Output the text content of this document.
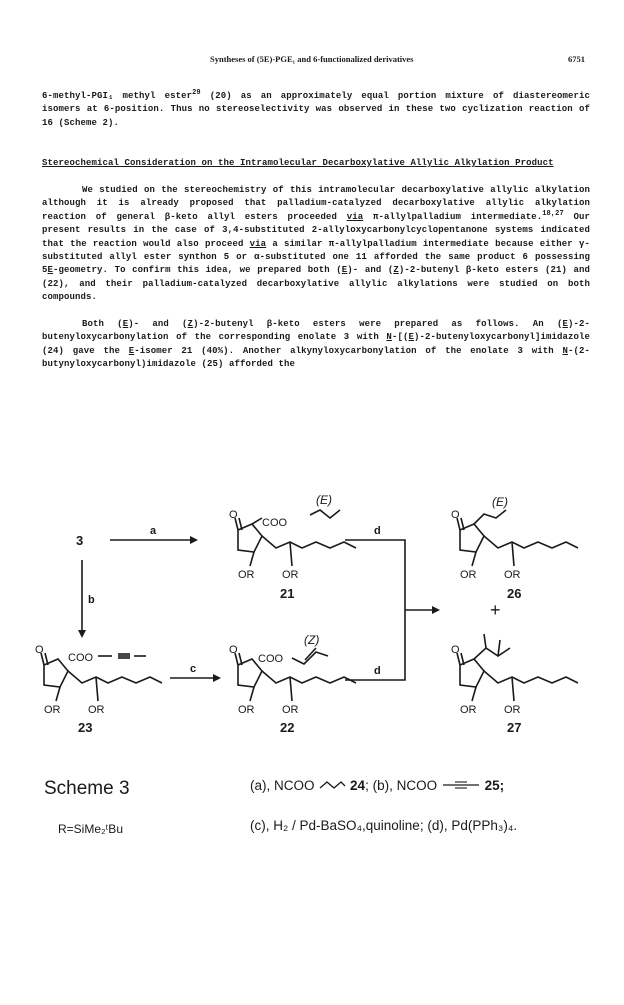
Syntheses of (5E)-PGE₁ and 6-functionalized derivatives	6751

6-methyl-PGI₁ methyl ester$^{29}$ (20) as an approximately equal portion mixture of diastereomeric isomers at 6-position. Thus no stereoselectivity was observed in these two cyclization reaction of 16 (Scheme 2).

Stereochemical Consideration on the Intramolecular Decarboxylative Allylic Alkylation Product

We studied on the stereochemistry of this intramolecular decarboxylative allylic alkylation although it is already proposed that palladium-catalyzed decarboxylative allylic alkylation reaction of general β-keto allyl esters proceeded via π-allylpalladium intermediate.$^{18,27}$ Our present results in the case of 3,4-substituted 2-allyloxycarbonylcyclopentanone systems indicated that the reaction would also proceed via a similar π-allylpalladium intermediate because either γ-substituted allyl ester synthon 5 or α-substituted one 11 afforded the same product 6 possessing 5E-geometry. To confirm this idea, we prepared both (E)- and (Z)-2-butenyl β-keto esters (21) and (22), and their palladium-catalyzed decarboxylative allylic alkylations were studied on both compounds.

Both (E)- and (Z)-2-butenyl β-keto esters were prepared as follows. An (E)-2-butenyloxycarbonylation of the corresponding enolate 3 with N-[(E)-2-butenyloxycarbonyl]imidazole (24) gave the E-isomer 21 (40%). Another alkynyloxycarbonylation of the enolate 3 with N-(2-butynyloxycarbonyl)imidazole (25) afforded the

O
COO
OR	OR
O
OR	OR
O
COO
OR	OR
O
COO
OR	OR
O
OR	OR
(E)	(E)
(Z)
a
b
c
d
d
3
21	26
23	22	27
+
Scheme 3
R=SiMe₂ᵗBu
(a), NCOO	24; (b), NCOO	25;
(c), H₂ / Pd-BaSO₄,quinoline; (d), Pd(PPh₃)₄.
